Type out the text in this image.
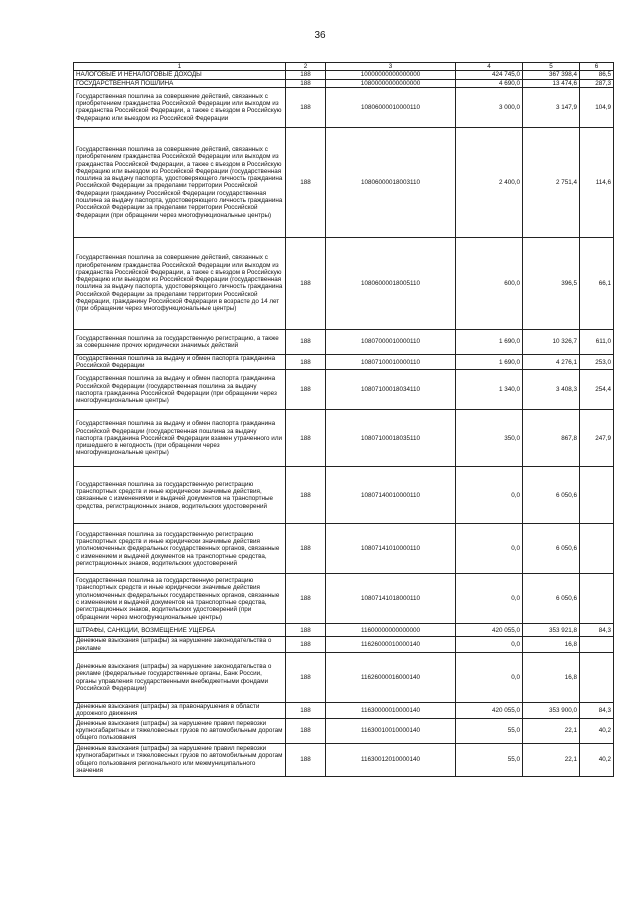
36
1	2	3	4	5	6
НАЛОГОВЫЕ И НЕНАЛОГОВЫЕ ДОХОДЫ	188	10000000000000000	424 745,0	367 398,4	86,5
ГОСУДАРСТВЕННАЯ ПОШЛИНА	188	10800000000000000	4 690,0	13 474,6	287,3
Государственная пошлина за совершение действий, связанных с приобретением гражданства Российской Федерации или выходом из гражданства Российской Федерации, а также с въездом в Российскую Федерацию или выездом из Российской Федерации	188	10806000010000110	3 000,0	3 147,9	104,9
Государственная пошлина за совершение действий, связанных с приобретением гражданства Российской Федерации или выходом из гражданства Российской Федерации, а также с въездом в Российскую Федерацию или выездом из Российской Федерации (государственная пошлина за выдачу паспорта, удостоверяющего личность гражданина Российской Федерации за пределами территории Российской Федерации гражданину Российской Федерации государственная пошлина за выдачу паспорта, удостоверяющего личность гражданина Российской Федерации за пределами территории Российской Федерации (при обращении через многофункциональные центры)	188	10806000018003110	2 400,0	2 751,4	114,6
Государственная пошлина за совершение действий, связанных с приобретением гражданства Российской Федерации или выходом из гражданства Российской Федерации, а также с въездом в Российскую Федерацию или выездом из Российской Федерации (государственная пошлина за выдачу паспорта, удостоверяющего личность гражданина Российской Федерации за пределами территории Российской Федерации, гражданину Российской Федерации в возрасте до 14 лет (при обращении через многофункциональные центры)	188	10806000018005110	600,0	396,5	66,1
Государственная пошлина за государственную регистрацию, а также за совершение прочих юридически значимых действий	188	10807000010000110	1 690,0	10 326,7	611,0
Государственная пошлина за выдачу и обмен паспорта гражданина Российской Федерации	188	10807100010000110	1 690,0	4 276,1	253,0
Государственная пошлина за выдачу и обмен паспорта гражданина Российской Федерации (государственная пошлина за выдачу паспорта гражданина Российской Федерации (при обращении через многофункциональные центры)	188	10807100018034110	1 340,0	3 408,3	254,4
Государственная пошлина за выдачу и обмен паспорта гражданина Российской Федерации (государственная пошлина за выдачу паспорта гражданина Российской Федерации взамен утраченного или пришедшего в негодность (при обращении через многофункциональные центры)	188	10807100018035110	350,0	867,8	247,9
Государственная пошлина за государственную регистрацию транспортных средств и иные юридически значимые действия, связанные с изменениями и выдачей документов на транспортные средства, регистрационных знаков, водительских удостоверений	188	10807140010000110	0,0	6 050,6	
Государственная пошлина за государственную регистрацию транспортных средств и иные юридически значимые действия уполномоченных федеральных государственных органов, связанные с изменением и выдачей документов на транспортные средства, регистрационных знаков, водительских удостоверений	188	10807141010000110	0,0	6 050,6	
Государственная пошлина за государственную регистрацию транспортных средств и иные юридически значимые действия уполномоченных федеральных государственных органов, связанные с изменением и выдачей документов на транспортные средства, регистрационных знаков, водительских удостоверений (при обращении через многофункциональные центры)	188	10807141018000110	0,0	6 050,6	
ШТРАФЫ, САНКЦИИ, ВОЗМЕЩЕНИЕ УЩЕРБА	188	11600000000000000	420 055,0	353 921,8	84,3
Денежные взыскания (штрафы) за нарушение законодательства о рекламе	188	11626000010000140	0,0	16,8	
Денежные взыскания (штрафы) за нарушение законодательства о рекламе (федеральные государственные органы, Банк России, органы управления государственными внебюджетными фондами Российской Федерации)	188	11626000016000140	0,0	16,8	
Денежные взыскания (штрафы) за правонарушения в области дорожного движения	188	11630000010000140	420 055,0	353 900,0	84,3
Денежные взыскания (штрафы) за нарушение правил перевозки крупногабаритных и тяжеловесных грузов по автомобильным дорогам общего пользования	188	11630010010000140	55,0	22,1	40,2
Денежные взыскания (штрафы) за нарушение правил перевозки крупногабаритных и тяжеловесных грузов по автомобильным дорогам общего пользования регионального или межмуниципального значения	188	11630012010000140	55,0	22,1	40,2
